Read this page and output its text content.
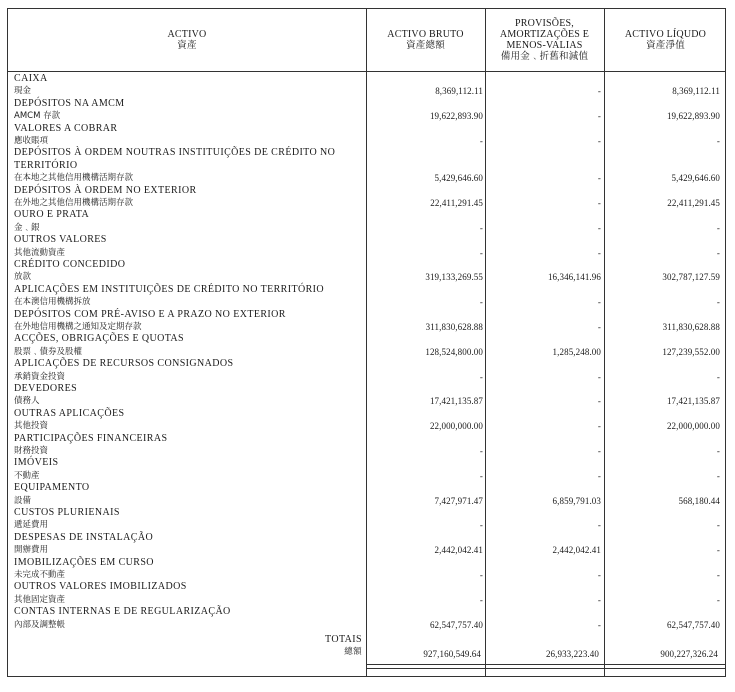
ACTIVO
資產
ACTIVO BRUTO
資產總額
PROVISÕES,
AMORTIZAÇÕES E
MENOS-VALIAS
備用金﹑折舊和減值
ACTIVO LÍQUDO
資產淨值
CAIXA
現金	8,369,112.11	-	8,369,112.11
DEPÓSITOS NA AMCM
AMCM 存款	19,622,893.90	-	19,622,893.90
VALORES A COBRAR
應收賬項	-	-	-
DEPÓSITOS À ORDEM NOUTRAS INSTITUIÇÕES DE CRÉDITO NO
TERRITÓRIO
在本地之其他信用機構活期存款	5,429,646.60	-	5,429,646.60
DEPÓSITOS À ORDEM NO EXTERIOR
在外地之其他信用機構活期存款	22,411,291.45	-	22,411,291.45
OURO E PRATA
金﹑銀	-	-	-
OUTROS VALORES
其他流動資產	-	-	-
CRÉDITO CONCEDIDO
放款	319,133,269.55	16,346,141.96	302,787,127.59
APLICAÇÕES EM INSTITUIÇÕES DE CRÉDITO NO TERRITÓRIO
在本澳信用機構拆放	-	-	-
DEPÓSITOS COM PRÉ-AVISO E A PRAZO NO EXTERIOR
在外地信用機構之通知及定期存款	311,830,628.88	-	311,830,628.88
ACÇÕES, OBRIGAÇÕES E QUOTAS
股票﹑債券及股權	128,524,800.00	1,285,248.00	127,239,552.00
APLICAÇÕES DE RECURSOS CONSIGNADOS
承銷資金投資	-	-	-
DEVEDORES
債務人	17,421,135.87	-	17,421,135.87
OUTRAS APLICAÇÕES
其他投資	22,000,000.00	-	22,000,000.00
PARTICIPAÇÕES FINANCEIRAS
財務投資	-	-	-
IMÓVEIS
不動產	-	-	-
EQUIPAMENTO
設備	7,427,971.47	6,859,791.03	568,180.44
CUSTOS PLURIENAIS
遞延費用	-	-	-
DESPESAS DE INSTALAÇÃO
開辦費用	2,442,042.41	2,442,042.41	-
IMOBILIZAÇÕES EM CURSO
未完成不動產	-	-	-
OUTROS VALORES IMOBILIZADOS
其他固定資產	-	-	-
CONTAS INTERNAS E DE REGULARIZAÇÃO
內部及調整帳	62,547,757.40	-	62,547,757.40
TOTAIS
總額	927,160,549.64	26,933,223.40	900,227,326.24
